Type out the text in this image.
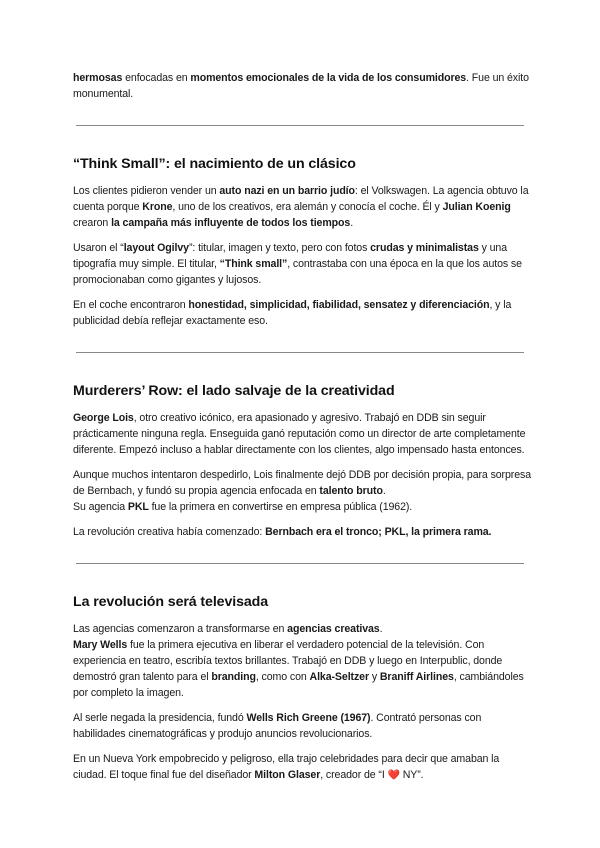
hermosas enfocadas en momentos emocionales de la vida de los consumidores. Fue un éxito monumental.

“Think Small”: el nacimiento de un clásico

Los clientes pidieron vender un auto nazi en un barrio judío: el Volkswagen. La agencia obtuvo la cuenta porque Krone, uno de los creativos, era alemán y conocía el coche. Él y Julian Koenig crearon la campaña más influyente de todos los tiempos.

Usaron el “layout Ogilvy”: titular, imagen y texto, pero con fotos crudas y minimalistas y una tipografía muy simple. El titular, “Think small”, contrastaba con una época en la que los autos se promocionaban como gigantes y lujosos.

En el coche encontraron honestidad, simplicidad, fiabilidad, sensatez y diferenciación, y la publicidad debía reflejar exactamente eso.

Murderers’ Row: el lado salvaje de la creatividad

George Lois, otro creativo icónico, era apasionado y agresivo. Trabajó en DDB sin seguir prácticamente ninguna regla. Enseguida ganó reputación como un director de arte completamente diferente. Empezó incluso a hablar directamente con los clientes, algo impensado hasta entonces.

Aunque muchos intentaron despedirlo, Lois finalmente dejó DDB por decisión propia, para sorpresa de Bernbach, y fundó su propia agencia enfocada en talento bruto.
Su agencia PKL fue la primera en convertirse en empresa pública (1962).

La revolución creativa había comenzado: Bernbach era el tronco; PKL, la primera rama.

La revolución será televisada

Las agencias comenzaron a transformarse en agencias creativas.
Mary Wells fue la primera ejecutiva en liberar el verdadero potencial de la televisión. Con experiencia en teatro, escribía textos brillantes. Trabajó en DDB y luego en Interpublic, donde demostró gran talento para el branding, como con Alka-Seltzer y Braniff Airlines, cambiándoles por completo la imagen.

Al serle negada la presidencia, fundó Wells Rich Greene (1967). Contrató personas con habilidades cinematográficas y produjo anuncios revolucionarios.

En un Nueva York empobrecido y peligroso, ella trajo celebridades para decir que amaban la ciudad. El toque final fue del diseñador Milton Glaser, creador de “I ❤️ NY”.
